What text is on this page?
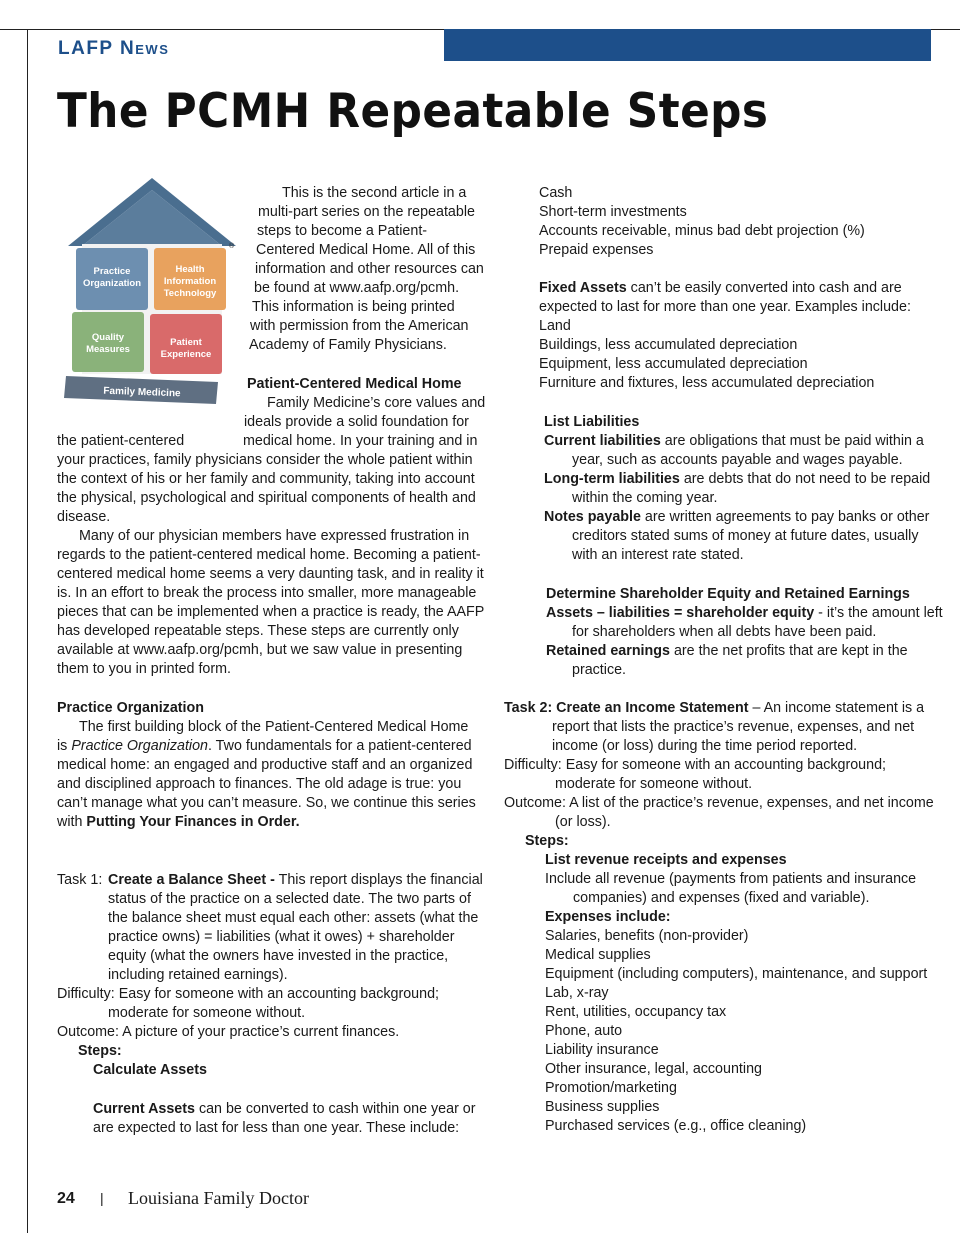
LAFP News
The PCMH Repeatable Steps
®
Practice Organization
Health Information Technology
Quality Measures
Patient Experience
Family Medicine
This is the second article in a
multi-part series on the repeatable
steps to become a Patient-
Centered Medical Home. All of this
information and other resources can
be found at www.aafp.org/pcmh.
This information is being printed
with permission from the American
Academy of Family Physicians.
Patient-Centered Medical Home
Family Medicine’s core values and
ideals provide a solid foundation for
the patient-centered	medical home. In your training and in
your practices, family physicians consider the whole patient within
the context of his or her family and community, taking into account
the physical, psychological and spiritual components of health and
disease.
Many of our physician members have expressed frustration in
regards to the patient-centered medical home. Becoming a patient-
centered medical home seems a very daunting task, and in reality it
is. In an effort to break the process into smaller, more manageable
pieces that can be implemented when a practice is ready, the AAFP
has developed repeatable steps. These steps are currently only
available at www.aafp.org/pcmh, but we saw value in presenting
them to you in printed form.
Practice Organization
The first building block of the Patient-Centered Medical Home
is Practice Organization. Two fundamentals for a patient-centered
medical home: an engaged and productive staff and an organized
and disciplined approach to finances. The old adage is true: you
can’t manage what you can’t measure. So, we continue this series
with Putting Your Finances in Order.
Task 1: Create a Balance Sheet - This report displays the financial
status of the practice on a selected date. The two parts of
the balance sheet must equal each other: assets (what the
practice owns) = liabilities (what it owes) + shareholder
equity (what the owners have invested in the practice,
including retained earnings).
Difficulty: Easy for someone with an accounting background;
moderate for someone without.
Outcome: A picture of your practice’s current finances.
Steps:
Calculate Assets
Current Assets can be converted to cash within one year or
are expected to last for less than one year. These include:
Cash
Short-term investments
Accounts receivable, minus bad debt projection (%)
Prepaid expenses
Fixed Assets can’t be easily converted into cash and are
expected to last for more than one year. Examples include:
Land
Buildings, less accumulated depreciation
Equipment, less accumulated depreciation
Furniture and fixtures, less accumulated depreciation
List Liabilities
Current liabilities are obligations that must be paid within a
year, such as accounts payable and wages payable.
Long-term liabilities are debts that do not need to be repaid
within the coming year.
Notes payable are written agreements to pay banks or other
creditors stated sums of money at future dates, usually
with an interest rate stated.
Determine Shareholder Equity and Retained Earnings
Assets – liabilities = shareholder equity - it’s the amount left
for shareholders when all debts have been paid.
Retained earnings are the net profits that are kept in the
practice.
Task 2: Create an Income Statement – An income statement is a
report that lists the practice’s revenue, expenses, and net
income (or loss) during the time period reported.
Difficulty: Easy for someone with an accounting background;
moderate for someone without.
Outcome: A list of the practice’s revenue, expenses, and net income
(or loss).
Steps:
List revenue receipts and expenses
Include all revenue (payments from patients and insurance
companies) and expenses (fixed and variable).
Expenses include:
Salaries, benefits (non-provider)
Medical supplies
Equipment (including computers), maintenance, and support
Lab, x-ray
Rent, utilities, occupancy tax
Phone, auto
Liability insurance
Other insurance, legal, accounting
Promotion/marketing
Business supplies
Purchased services (e.g., office cleaning)
24 | Louisiana Family Doctor
